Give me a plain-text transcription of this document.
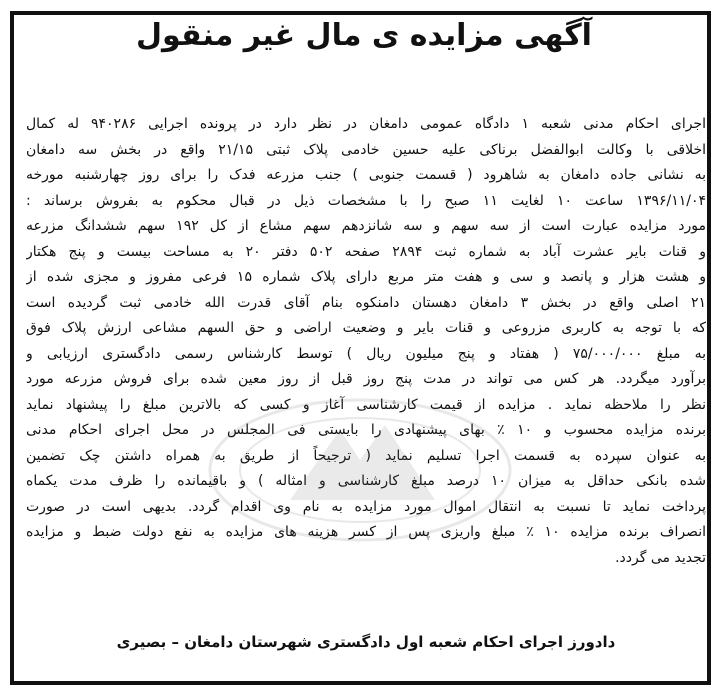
آگهی مزایده ی مال غیر منقول
اجرای احکام مدنی شعبه ۱ دادگاه عمومی دامغان در نظر دارد در پرونده اجرایی ۹۴۰۲۸۶ له کمال
اخلاقی با وکالت ابوالفضل برناکی علیه حسین خادمی پلاک ثبتی ۲۱/۱۵ واقع در بخش سه دامغان
به نشانی جاده دامغان به شاهرود ( قسمت جنوبی ) جنب مزرعه فدک را برای روز چهارشنبه مورخه
۱۳۹۶/۱۱/۰۴ ساعت ۱۰ لغایت ۱۱ صبح را با مشخصات ذیل در قبال محکوم به بفروش برساند :
مورد مزایده عبارت است از سه سهم و سه شانزدهم سهم مشاع از کل ۱۹۲ سهم ششدانگ مزرعه
و قنات بایر عشرت آباد به شماره ثبت ۲۸۹۴ صفحه ۵۰۲ دفتر ۲۰ به مساحت بیست و پنج هکتار
و هشت هزار و پانصد و سی و هفت متر مربع دارای پلاک شماره ۱۵ فرعی مفروز و مجزی شده از
۲۱ اصلی واقع در بخش ۳ دامغان دهستان دامنکوه بنام آقای قدرت الله خادمی ثبت گردیده است
که با توجه به کاربری مزروعی و قنات بایر و وضعیت اراضی و حق السهم مشاعی ارزش پلاک فوق
به مبلغ ۷۵/۰۰۰/۰۰۰ ( هفتاد و پنج میلیون ریال ) توسط کارشناس رسمی دادگستری ارزیابی و
برآورد میگردد. هر کس می تواند در مدت پنج روز قبل از روز معین شده برای فروش مزرعه مورد
نظر را ملاحظه نماید . مزایده از قیمت کارشناسی آغاز و کسی که بالاترین مبلغ را پیشنهاد نماید
برنده مزایده محسوب و ۱۰ ٪ بهای پیشنهادی را بایستی فی المجلس در محل اجرای احکام مدنی
به عنوان سپرده به قسمت اجرا تسلیم نماید ( ترجیحاً از طریق به همراه داشتن چک تضمین
شده بانکی حداقل به میزان ۱۰ درصد مبلغ کارشناسی و امثاله ) و باقیمانده را ظرف مدت یکماه
پرداخت نماید تا نسبت به انتقال اموال مورد مزایده به نام وی اقدام گردد. بدیهی است در صورت
انصراف برنده مزایده ۱۰ ٪ مبلغ واریزی پس از کسر هزینه های مزایده به نفع دولت ضبط و مزایده
تجدید می گردد.
دادورز اجرای احکام شعبه اول دادگستری شهرستان دامغان – بصیری
